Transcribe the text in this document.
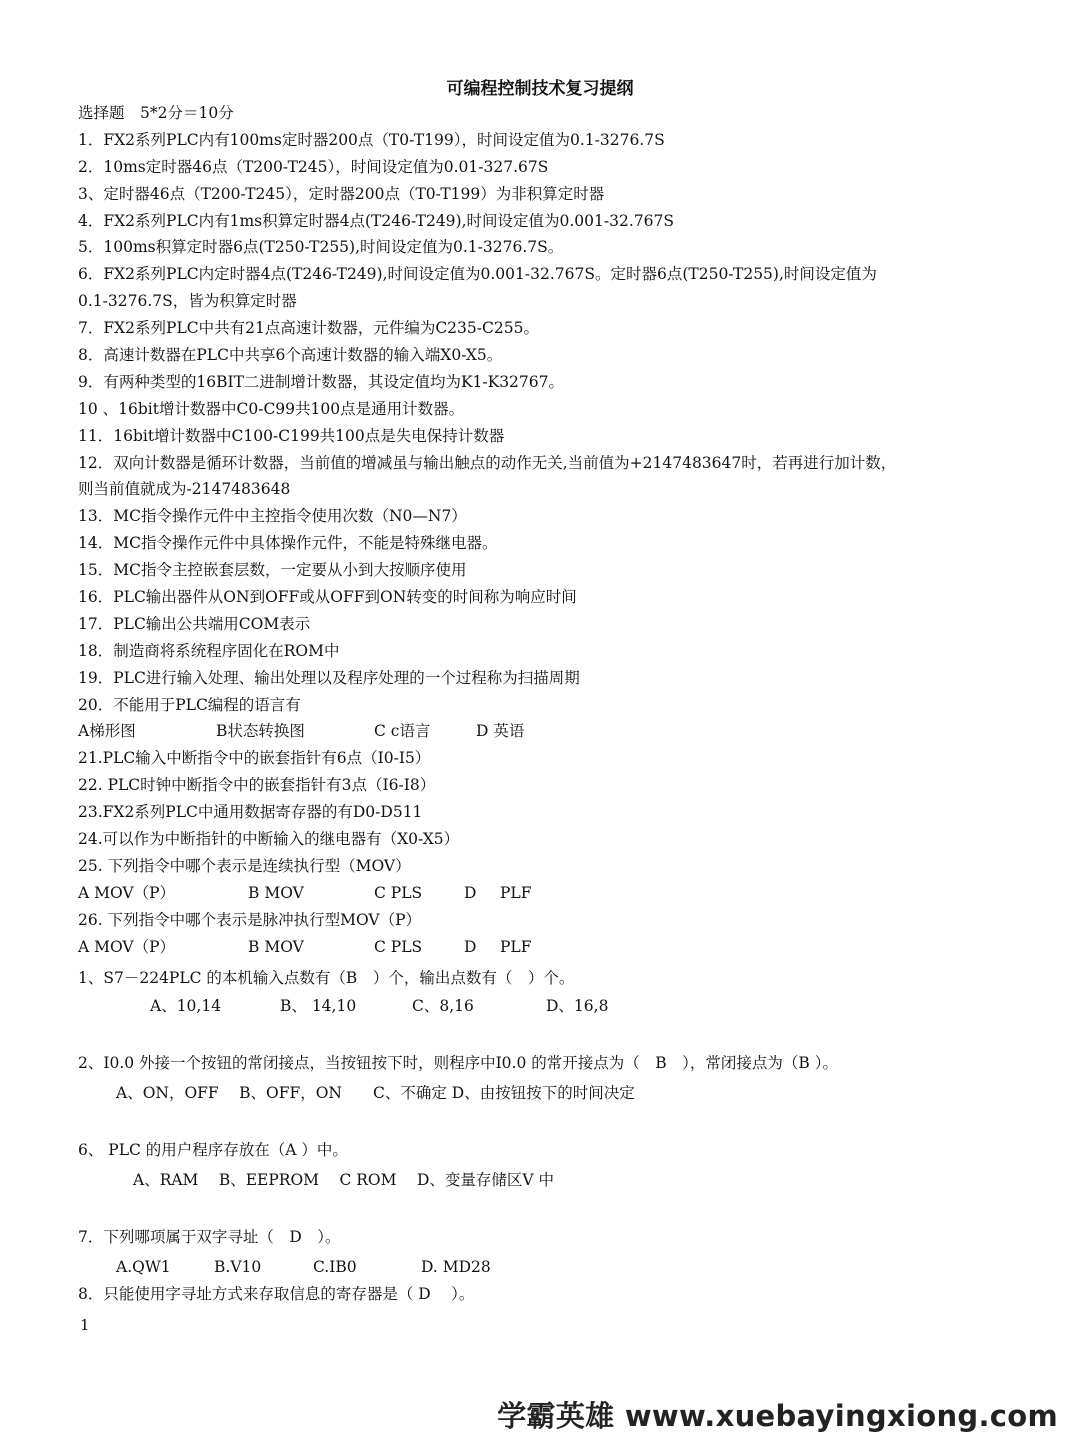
可编程控制技术复习提纲
选择题　5*2分＝10分
1．FX2系列PLC内有100ms定时器200点（T0-T199），时间设定值为0.1-3276.7S
2．10ms定时器46点（T200-T245），时间设定值为0.01-327.67S
3、定时器46点（T200-T245），定时器200点（T0-T199）为非积算定时器
4．FX2系列PLC内有1ms积算定时器4点(T246-T249),时间设定值为0.001-32.767S
5．100ms积算定时器6点(T250-T255),时间设定值为0.1-3276.7S。
6．FX2系列PLC内定时器4点(T246-T249),时间设定值为0.001-32.767S。定时器6点(T250-T255),时间设定值为
0.1-3276.7S，皆为积算定时器
7．FX2系列PLC中共有21点高速计数器，元件编为C235-C255。
8．高速计数器在PLC中共享6个高速计数器的输入端X0-X5。
9．有两种类型的16BIT二进制增计数器，其设定值均为K1-K32767。
10 、16bit增计数器中C0-C99共100点是通用计数器。
11．16bit增计数器中C100-C199共100点是失电保持计数器
12．双向计数器是循环计数器，当前值的增减虽与输出触点的动作无关,当前值为+2147483647时，若再进行加计数，
则当前值就成为-2147483648
13．MC指令操作元件中主控指令使用次数（N0—N7）
14．MC指令操作元件中具体操作元件，不能是特殊继电器。
15．MC指令主控嵌套层数，一定要从小到大按顺序使用
16．PLC输出器件从ON到OFF或从OFF到ON转变的时间称为响应时间
17．PLC输出公共端用COM表示
18．制造商将系统程序固化在ROM中
19．PLC进行输入处理、输出处理以及程序处理的一个过程称为扫描周期
20．不能用于PLC编程的语言有
A梯形图	B状态转换图	C c语言	D 英语
21.PLC输入中断指令中的嵌套指针有6点（I0-I5）
22. PLC时钟中断指令中的嵌套指针有3点（I6-I8）
23.FX2系列PLC中通用数据寄存器的有D0-D511
24.可以作为中断指针的中断输入的继电器有（X0-X5）
25. 下列指令中哪个表示是连续执行型（MOV）
A MOV（P）	B MOV	C PLS	D	PLF
26. 下列指令中哪个表示是脉冲执行型MOV（P）
A MOV（P）	B MOV	C PLS	D	PLF
1、S7－224PLC 的本机输入点数有（B　）个，输出点数有（　）个。
A、10,14	B、 14,10	C、8,16	D、16,8
2、I0.0 外接一个按钮的常闭接点，当按钮按下时，则程序中I0.0 的常开接点为（　B　），常闭接点为（B ）。
A、ON，OFF　 B、OFF，ON　　C、不确定 D、由按钮按下的时间决定
6、 PLC 的用户程序存放在（A ）中。
A、RAM　 B、EEPROM　 C ROM　 D、变量存储区V 中
7．下列哪项属于双字寻址（　D　）。
A.QW1	B.V10	C.IB0	D. MD28
8．只能使用字寻址方式来存取信息的寄存器是（ D　 ）。
1
学霸英雄 www.xuebayingxiong.com
